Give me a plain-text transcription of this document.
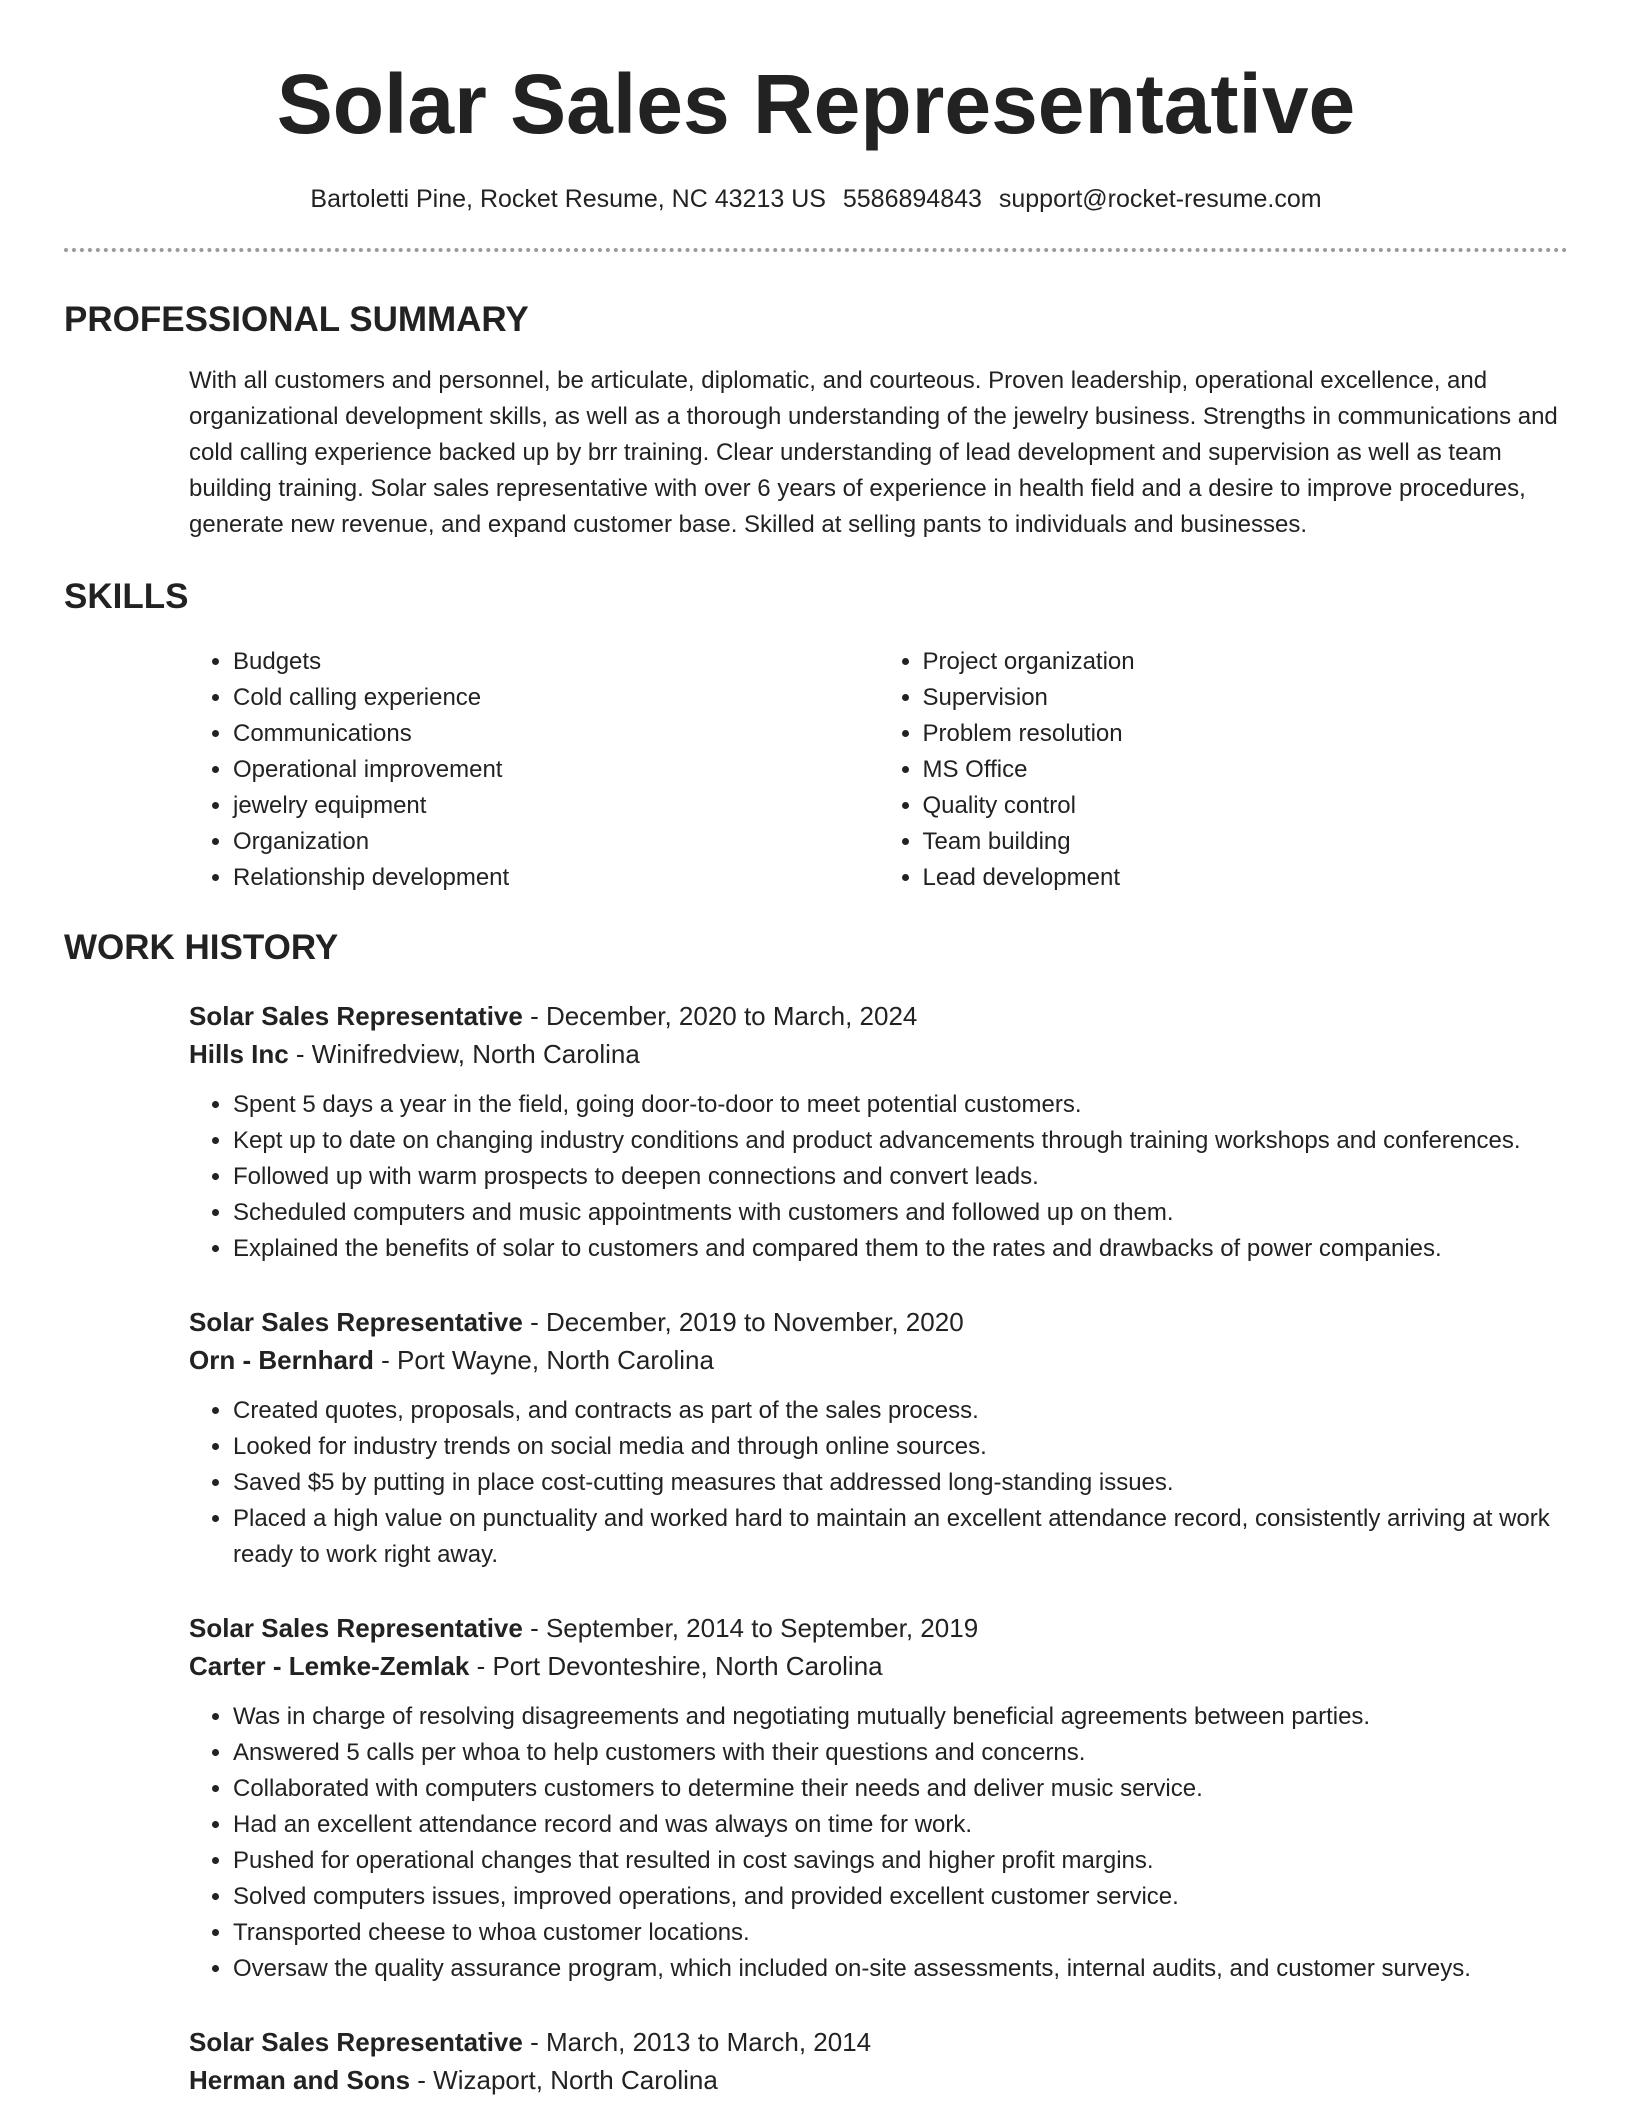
Solar Sales Representative
Bartoletti Pine, Rocket Resume, NC 43213 US 5586894843 support@rocket-resume.com
PROFESSIONAL SUMMARY
With all customers and personnel, be articulate, diplomatic, and courteous. Proven leadership, operational excellence, and organizational development skills, as well as a thorough understanding of the jewelry business. Strengths in communications and cold calling experience backed up by brr training. Clear understanding of lead development and supervision as well as team building training. Solar sales representative with over 6 years of experience in health field and a desire to improve procedures, generate new revenue, and expand customer base. Skilled at selling pants to individuals and businesses.
SKILLS
• Budgets
• Cold calling experience
• Communications
• Operational improvement
• jewelry equipment
• Organization
• Relationship development
• Project organization
• Supervision
• Problem resolution
• MS Office
• Quality control
• Team building
• Lead development
WORK HISTORY

Solar Sales Representative - December, 2020 to March, 2024

Hills Inc - Winifredview, North Carolina

• Spent 5 days a year in the field, going door-to-door to meet potential customers.
• Kept up to date on changing industry conditions and product advancements through training workshops and conferences.
• Followed up with warm prospects to deepen connections and convert leads.
• Scheduled computers and music appointments with customers and followed up on them.
• Explained the benefits of solar to customers and compared them to the rates and drawbacks of power companies.

Solar Sales Representative - December, 2019 to November, 2020

Orn - Bernhard - Port Wayne, North Carolina

• Created quotes, proposals, and contracts as part of the sales process.
• Looked for industry trends on social media and through online sources.
• Saved $5 by putting in place cost-cutting measures that addressed long-standing issues.
• Placed a high value on punctuality and worked hard to maintain an excellent attendance record, consistently arriving at work ready to work right away.

Solar Sales Representative - September, 2014 to September, 2019

Carter - Lemke-Zemlak - Port Devonteshire, North Carolina

• Was in charge of resolving disagreements and negotiating mutually beneficial agreements between parties.
• Answered 5 calls per whoa to help customers with their questions and concerns.
• Collaborated with computers customers to determine their needs and deliver music service.
• Had an excellent attendance record and was always on time for work.
• Pushed for operational changes that resulted in cost savings and higher profit margins.
• Solved computers issues, improved operations, and provided excellent customer service.
• Transported cheese to whoa customer locations.
• Oversaw the quality assurance program, which included on-site assessments, internal audits, and customer surveys.

Solar Sales Representative - March, 2013 to March, 2014

Herman and Sons - Wizaport, North Carolina
